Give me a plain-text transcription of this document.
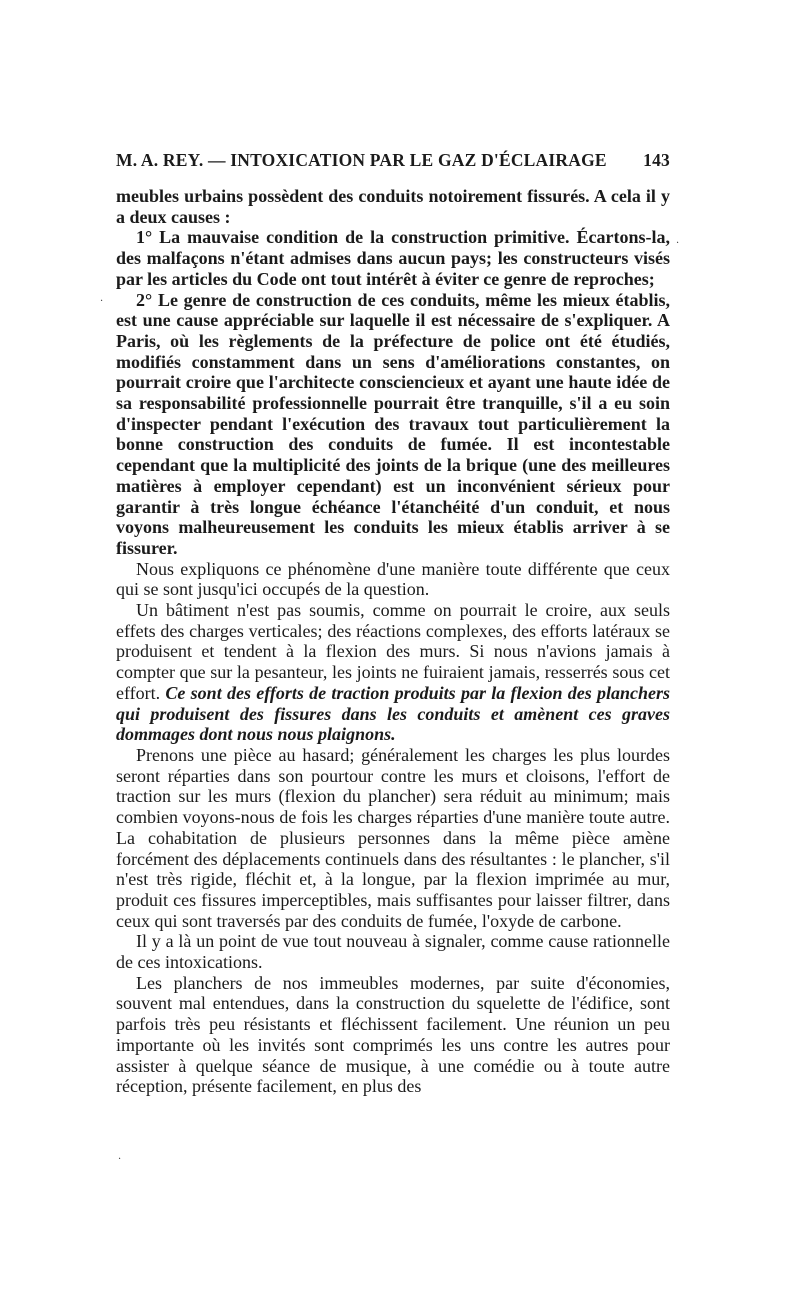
M. A. REY. — INTOXICATION PAR LE GAZ D'ÉCLAIRAGE 143

meubles urbains possèdent des conduits notoirement fissurés. A cela il y a deux causes :

1° La mauvaise condition de la construction primitive. Écartons-la, des malfaçons n'étant admises dans aucun pays; les constructeurs visés par les articles du Code ont tout intérêt à éviter ce genre de reproches;

2° Le genre de construction de ces conduits, même les mieux établis, est une cause appréciable sur laquelle il est nécessaire de s'expliquer. A Paris, où les règlements de la préfecture de police ont été étudiés, modifiés constamment dans un sens d'améliorations constantes, on pourrait croire que l'architecte consciencieux et ayant une haute idée de sa responsabilité professionnelle pourrait être tranquille, s'il a eu soin d'inspecter pendant l'exécution des travaux tout particulièrement la bonne construction des conduits de fumée. Il est incontestable cependant que la multiplicité des joints de la brique (une des meilleures matières à employer cependant) est un inconvénient sérieux pour garantir à très longue échéance l'étanchéité d'un conduit, et nous voyons malheureusement les conduits les mieux établis arriver à se fissurer.

Nous expliquons ce phénomène d'une manière toute différente que ceux qui se sont jusqu'ici occupés de la question.

Un bâtiment n'est pas soumis, comme on pourrait le croire, aux seuls effets des charges verticales; des réactions complexes, des efforts latéraux se produisent et tendent à la flexion des murs. Si nous n'avions jamais à compter que sur la pesanteur, les joints ne fuiraient jamais, resserrés sous cet effort. Ce sont des efforts de traction produits par la flexion des planchers qui produisent des fissures dans les conduits et amènent ces graves dommages dont nous nous plaignons.

Prenons une pièce au hasard; généralement les charges les plus lourdes seront réparties dans son pourtour contre les murs et cloisons, l'effort de traction sur les murs (flexion du plancher) sera réduit au minimum; mais combien voyons-nous de fois les charges réparties d'une manière toute autre. La cohabitation de plusieurs personnes dans la même pièce amène forcément des déplacements continuels dans des résultantes : le plancher, s'il n'est très rigide, fléchit et, à la longue, par la flexion imprimée au mur, produit ces fissures imperceptibles, mais suffisantes pour laisser filtrer, dans ceux qui sont traversés par des conduits de fumée, l'oxyde de carbone.

Il y a là un point de vue tout nouveau à signaler, comme cause rationnelle de ces intoxications.

Les planchers de nos immeubles modernes, par suite d'économies, souvent mal entendues, dans la construction du squelette de l'édifice, sont parfois très peu résistants et fléchissent facilement. Une réunion un peu importante où les invités sont comprimés les uns contre les autres pour assister à quelque séance de musique, à une comédie ou à toute autre réception, présente facilement, en plus des

·
·
·
